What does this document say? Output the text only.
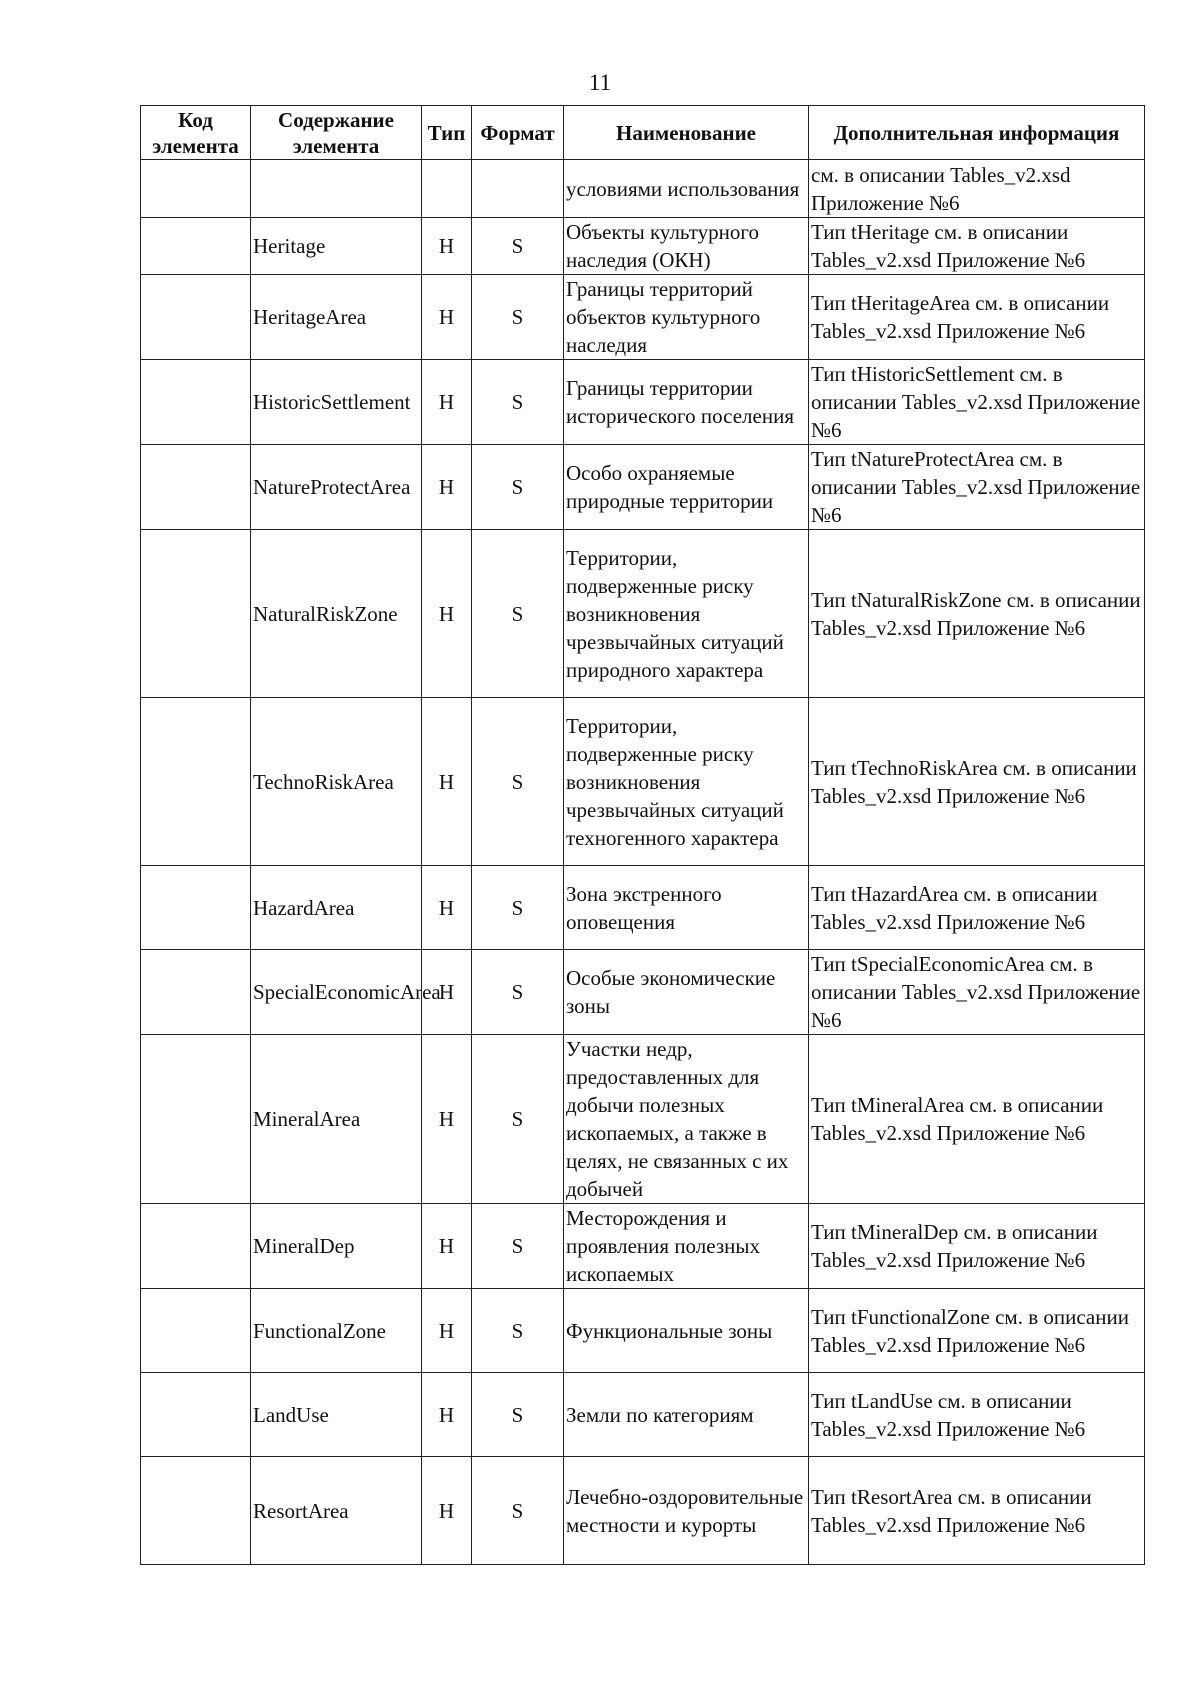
11
Код элемента	Содержание элемента	Тип	Формат	Наименование	Дополнительная информация
				условиями использования	см. в описании Tables_v2.xsd Приложение №6
	Heritage	Н	S	Объекты культурного наследия (ОКН)	Тип tHeritage см. в описании Tables_v2.xsd Приложение №6
	HeritageArea	Н	S	Границы территорий объектов культурного наследия	Тип tHeritageArea см. в описании Tables_v2.xsd Приложение №6
	HistoricSettlement	Н	S	Границы территории исторического поселения	Тип tHistoricSettlement см. в описании Tables_v2.xsd Приложение №6
	NatureProtectArea	Н	S	Особо охраняемые природные территории	Тип tNatureProtectArea см. в описании Tables_v2.xsd Приложение №6
	NaturalRiskZone	Н	S	Территории, подверженные риску возникновения чрезвычайных ситуаций природного характера	Тип tNaturalRiskZone см. в описании Tables_v2.xsd Приложение №6
	TechnoRiskArea	Н	S	Территории, подверженные риску возникновения чрезвычайных ситуаций техногенного характера	Тип tTechnoRiskArea см. в описании Tables_v2.xsd Приложение №6
	HazardArea	Н	S	Зона экстренного оповещения	Тип tHazardArea см. в описании Tables_v2.xsd Приложение №6
	SpecialEconomicArea	Н	S	Особые экономические зоны	Тип tSpecialEconomicArea см. в описании Tables_v2.xsd Приложение №6
	MineralArea	Н	S	Участки недр, предоставленных для добычи полезных ископаемых, а также в целях, не связанных с их добычей	Тип tMineralArea см. в описании Tables_v2.xsd Приложение №6
	MineralDep	Н	S	Месторождения и проявления полезных ископаемых	Тип tMineralDep см. в описании Tables_v2.xsd Приложение №6
	FunctionalZone	Н	S	Функциональные зоны	Тип tFunctionalZone см. в описании Tables_v2.xsd Приложение №6
	LandUse	Н	S	Земли по категориям	Тип tLandUse см. в описании Tables_v2.xsd Приложение №6
	ResortArea	Н	S	Лечебно-оздоровительные местности и курорты	Тип tResortArea см. в описании Tables_v2.xsd Приложение №6
